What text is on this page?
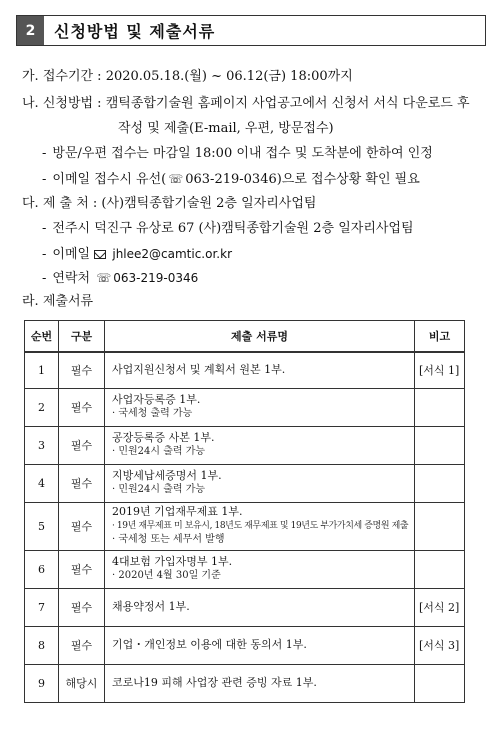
2	신청방법 및 제출서류
가. 접수기간 : 2020.05.18.(월) ~ 06.12(금) 18:00까지
나. 신청방법 : 캠틱종합기술원 홈페이지 사업공고에서 신청서 서식 다운로드 후
작성 및 제출(E-mail, 우편, 방문접수)
- 방문/우편 접수는 마감일 18:00 이내 접수 및 도착분에 한하여 인정
- 이메일 접수시 유선( ☏ 063-219-0346)으로 접수상황 확인 필요
다. 제 출 처 : (사)캠틱종합기술원 2층 일자리사업팀
- 전주시 덕진구 유상로 67 (사)캠틱종합기술원 2층 일자리사업팀
- 이메일  jhlee2@camtic.or.kr
- 연락처 ☏ 063-219-0346
라. 제출서류
순번	구분	제출 서류명	비고
1	필수	사업지원신청서 및 계획서 원본 1부.	[서식 1]
2	필수	사업자등록증 1부.
· 국세청 출력 가능	

3	필수	공장등록증 사본 1부.
· 민원24시 출력 가능	

4	필수	지방세납세증명서 1부.
· 민원24시 출력 가능	

5	필수	2019년 기업재무제표 1부.
· 19년 재무제표 미 보유시, 18년도 재무제표 및 19년도 부가가치세 증명원 제출
· 국세청 또는 세무서 발행	

6	필수	4대보험 가입자명부 1부.
· 2020년 4월 30일 기준	

7	필수	채용약정서 1부.	[서식 2]
8	필수	기업・개인정보 이용에 대한 동의서 1부.	[서식 3]
9	해당시	코로나19 피해 사업장 관련 증빙 자료 1부.	
